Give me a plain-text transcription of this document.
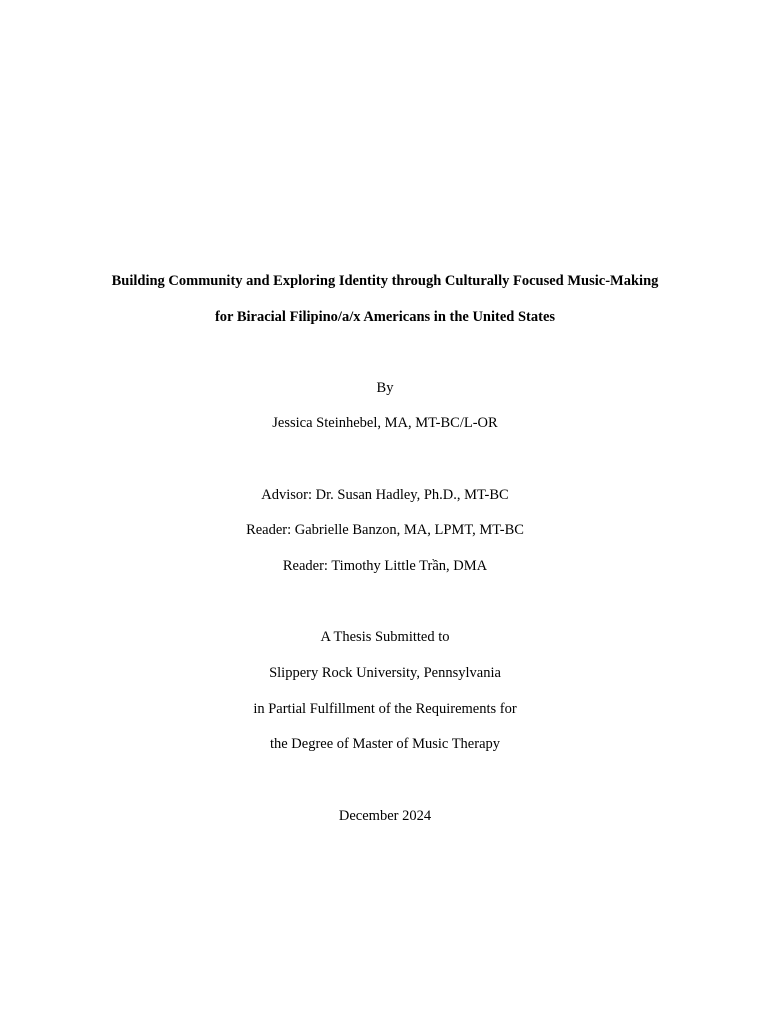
Building Community and Exploring Identity through Culturally Focused Music-Making
for Biracial Filipino/a/x Americans in the United States
By
Jessica Steinhebel, MA, MT-BC/L-OR
Advisor: Dr. Susan Hadley, Ph.D., MT-BC
Reader: Gabrielle Banzon, MA, LPMT, MT-BC
Reader: Timothy Little Trần, DMA
A Thesis Submitted to
Slippery Rock University, Pennsylvania
in Partial Fulfillment of the Requirements for
the Degree of Master of Music Therapy
December 2024
